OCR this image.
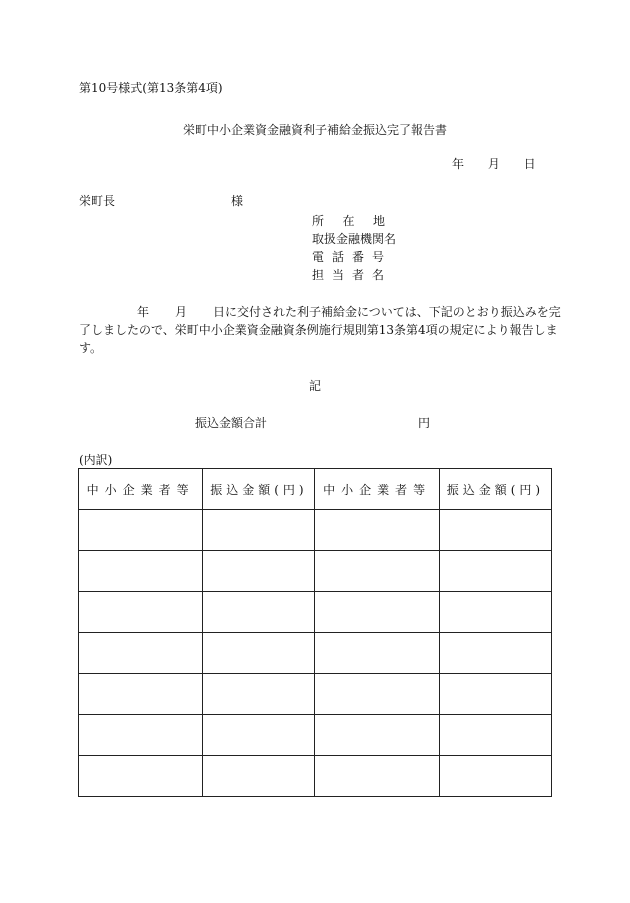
第10号様式(第13条第4項)
栄町中小企業資金融資利子補給金振込完了報告書
年 月 日
栄町長	様
所在地
取扱金融機関名
電話番号
担当者名
年 月 日に交付された利子補給金については、下記のとおり振込みを完
了しましたので、栄町中小企業資金融資条例施行規則第13条第4項の規定により報告しま
す。
記
振込金額合計	円
(内訳)
中小企業者等	振込金額(円)	中小企業者等	振込金額(円)
